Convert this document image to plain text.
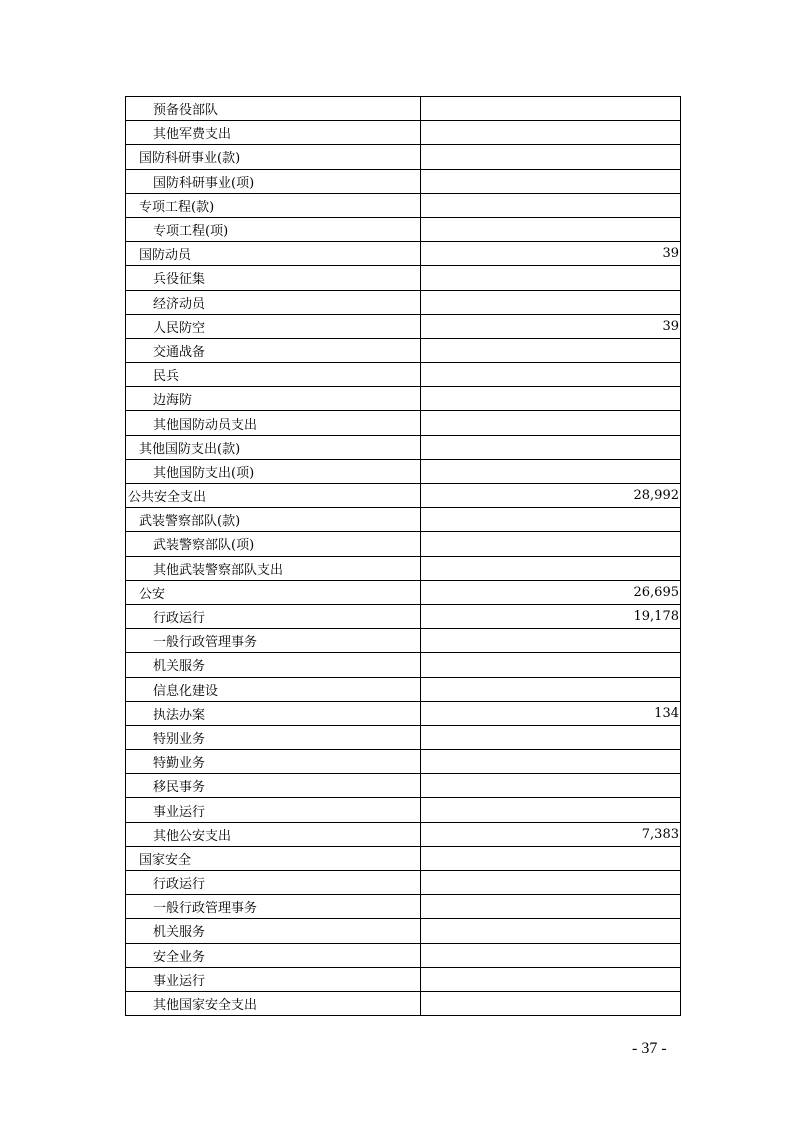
预备役部队	
其他军费支出	
国防科研事业(款)	
国防科研事业(项)	
专项工程(款)	
专项工程(项)	
国防动员	39
兵役征集	
经济动员	
人民防空	39
交通战备	
民兵	
边海防	
其他国防动员支出	
其他国防支出(款)	
其他国防支出(项)	
公共安全支出	28,992
武装警察部队(款)	
武装警察部队(项)	
其他武装警察部队支出	
公安	26,695
行政运行	19,178
一般行政管理事务	
机关服务	
信息化建设	
执法办案	134
特别业务	
特勤业务	
移民事务	
事业运行	
其他公安支出	7,383
国家安全	
行政运行	
一般行政管理事务	
机关服务	
安全业务	
事业运行	
其他国家安全支出	
- 37 -
